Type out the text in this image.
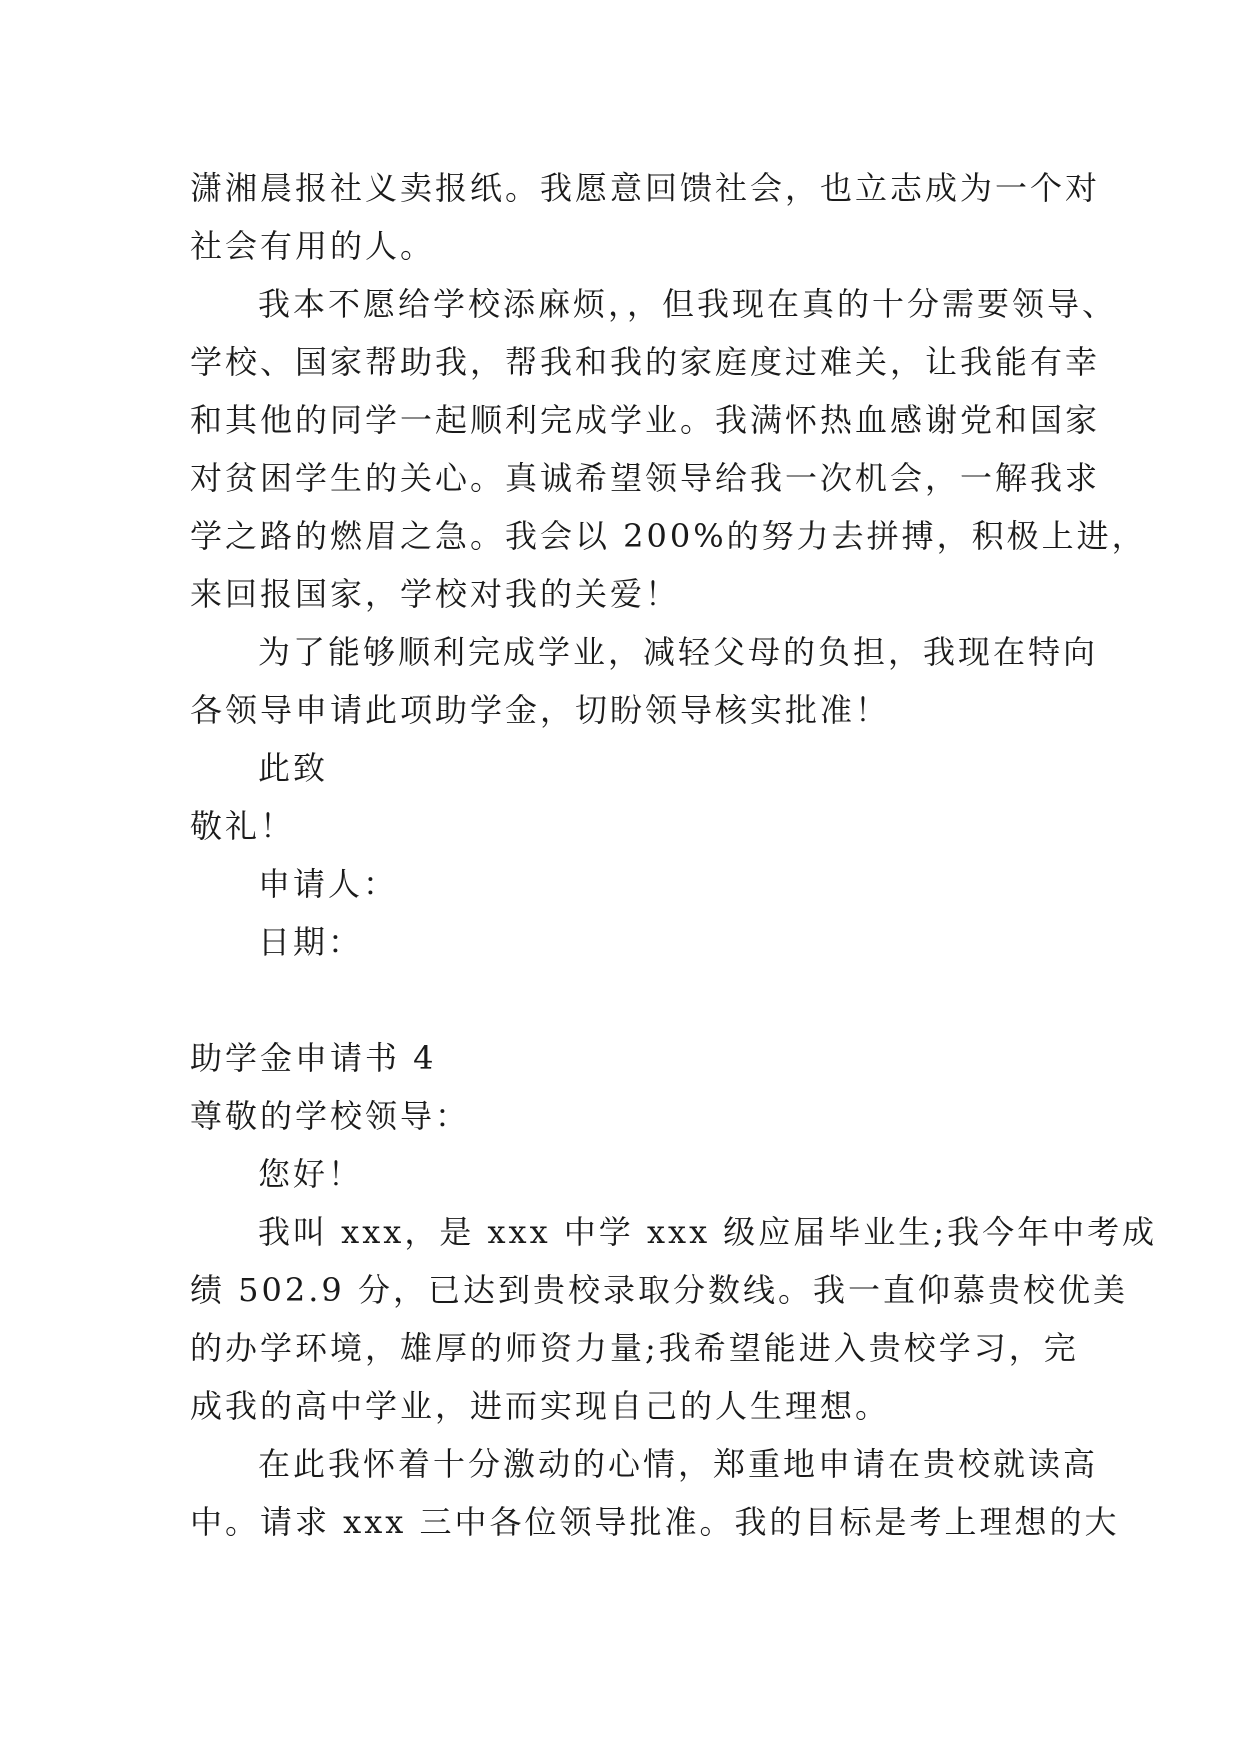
潇湘晨报社义卖报纸。我愿意回馈社会，也立志成为一个对
社会有用的人。
我本不愿给学校添麻烦，，但我现在真的十分需要领导、
学校、国家帮助我，帮我和我的家庭度过难关，让我能有幸
和其他的同学一起顺利完成学业。我满怀热血感谢党和国家
对贫困学生的关心。真诚希望领导给我一次机会，一解我求
学之路的燃眉之急。我会以 200%的努力去拼搏，积极上进，
来回报国家，学校对我的关爱！
为了能够顺利完成学业，减轻父母的负担，我现在特向
各领导申请此项助学金，切盼领导核实批准！
此致
敬礼！
申请人：
日期：
助学金申请书 4
尊敬的学校领导：
您好！
我叫 xxx，是 xxx 中学 xxx 级应届毕业生;我今年中考成
绩 502.9 分，已达到贵校录取分数线。我一直仰慕贵校优美
的办学环境，雄厚的师资力量;我希望能进入贵校学习，完
成我的高中学业，进而实现自己的人生理想。
在此我怀着十分激动的心情，郑重地申请在贵校就读高
中。请求 xxx 三中各位领导批准。我的目标是考上理想的大
